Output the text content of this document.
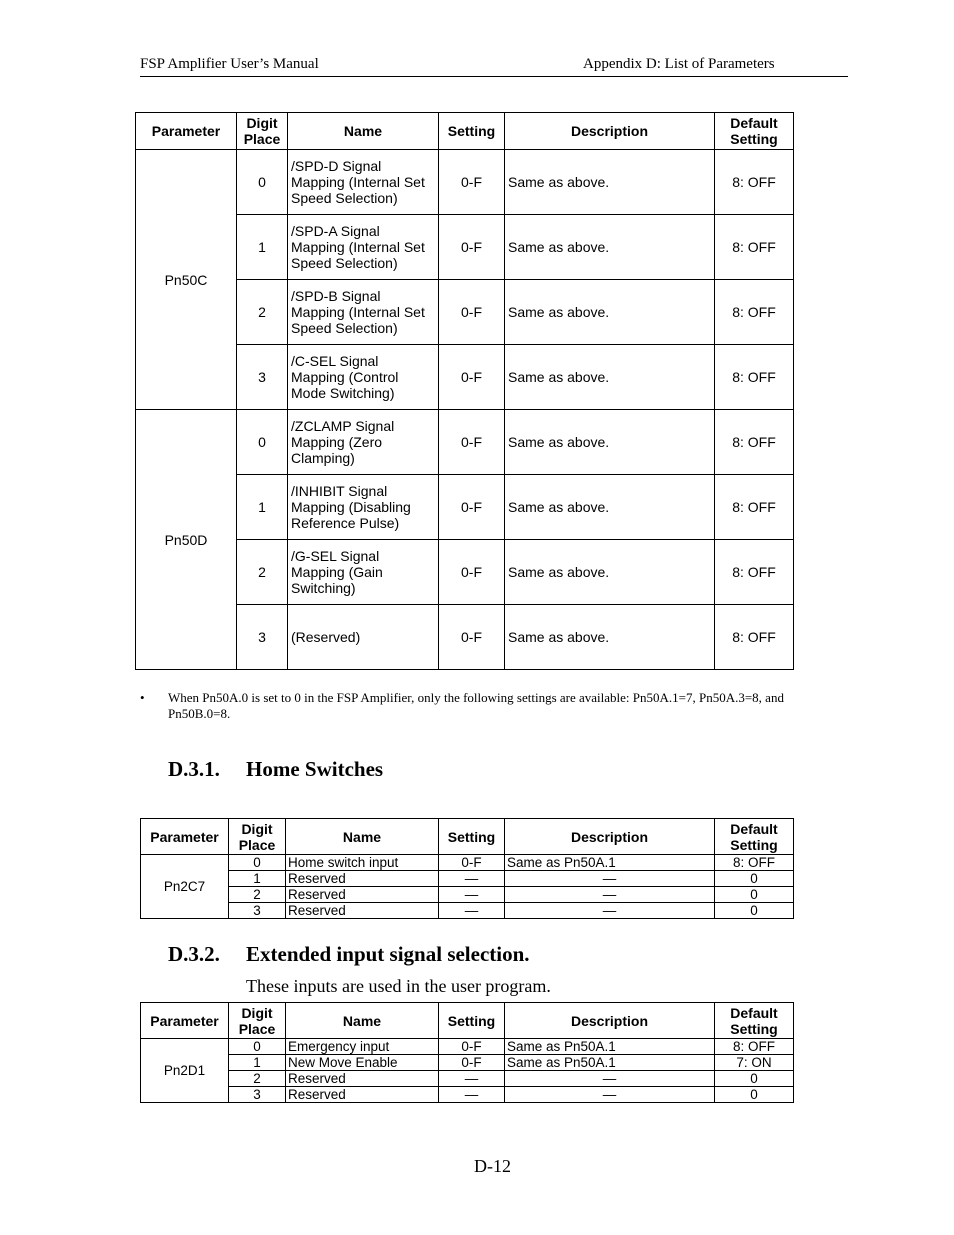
FSP Amplifier User’s Manual	Appendix D: List of Parameters
Parameter	Digit Place	Name	Setting	Description	Default Setting
Pn50C	0	/SPD-D Signal Mapping (Internal Set Speed Selection)	0-F	Same as above.	8: OFF
	1	/SPD-A Signal Mapping (Internal Set Speed Selection)	0-F	Same as above.	8: OFF
	2	/SPD-B Signal Mapping (Internal Set Speed Selection)	0-F	Same as above.	8: OFF
	3	/C-SEL Signal Mapping (Control Mode Switching)	0-F	Same as above.	8: OFF
Pn50D	0	/ZCLAMP Signal Mapping (Zero Clamping)	0-F	Same as above.	8: OFF
	1	/INHIBIT Signal Mapping (Disabling Reference Pulse)	0-F	Same as above.	8: OFF
	2	/G-SEL Signal Mapping (Gain Switching)	0-F	Same as above.	8: OFF
	3	(Reserved)	0-F	Same as above.	8: OFF
• When Pn50A.0 is set to 0 in the FSP Amplifier, only the following settings are available: Pn50A.1=7, Pn50A.3=8, and Pn50B.0=8.
D.3.1. Home Switches
Parameter	Digit Place	Name	Setting	Description	Default Setting
Pn2C7	0	Home switch input	0-F	Same as Pn50A.1	8: OFF
	1	Reserved	—	—	0
	2	Reserved	—	—	0
	3	Reserved	—	—	0
D.3.2. Extended input signal selection.
These inputs are used in the user program.
Parameter	Digit Place	Name	Setting	Description	Default Setting
Pn2D1	0	Emergency input	0-F	Same as Pn50A.1	8: OFF
	1	New Move Enable	0-F	Same as Pn50A.1	7: ON
	2	Reserved	—	—	0
	3	Reserved	—	—	0
D-12
